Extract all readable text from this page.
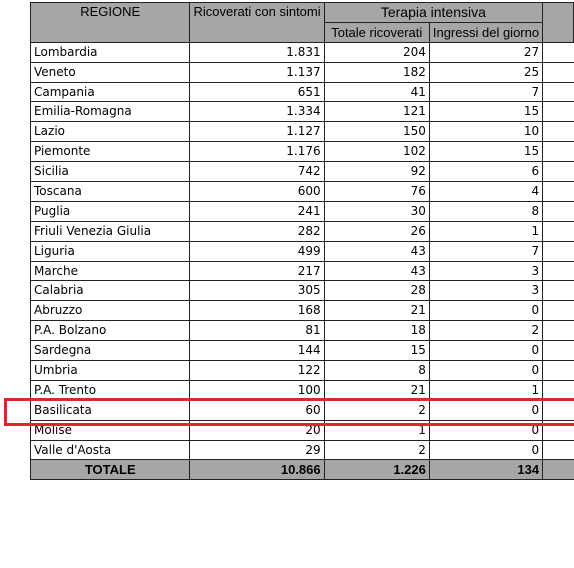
REGIONE	Ricoverati con sintomi	Terapia intensiva		
		Totale ricoverati	Ingressi del giorno	
Lombardia	1.831	204	27	
Veneto	1.137	182	25	
Campania	651	41	7	
Emilia-Romagna	1.334	121	15	
Lazio	1.127	150	10	
Piemonte	1.176	102	15	
Sicilia	742	92	6	
Toscana	600	76	4	
Puglia	241	30	8	
Friuli Venezia Giulia	282	26	1	
Liguria	499	43	7	
Marche	217	43	3	
Calabria	305	28	3	
Abruzzo	168	21	0	
P.A. Bolzano	81	18	2	
Sardegna	144	15	0	
Umbria	122	8	0	
P.A. Trento	100	21	1	
Basilicata	60	2	0	
Molise	20	1	0	
Valle d'Aosta	29	2	0	
TOTALE	10.866	1.226	134	
